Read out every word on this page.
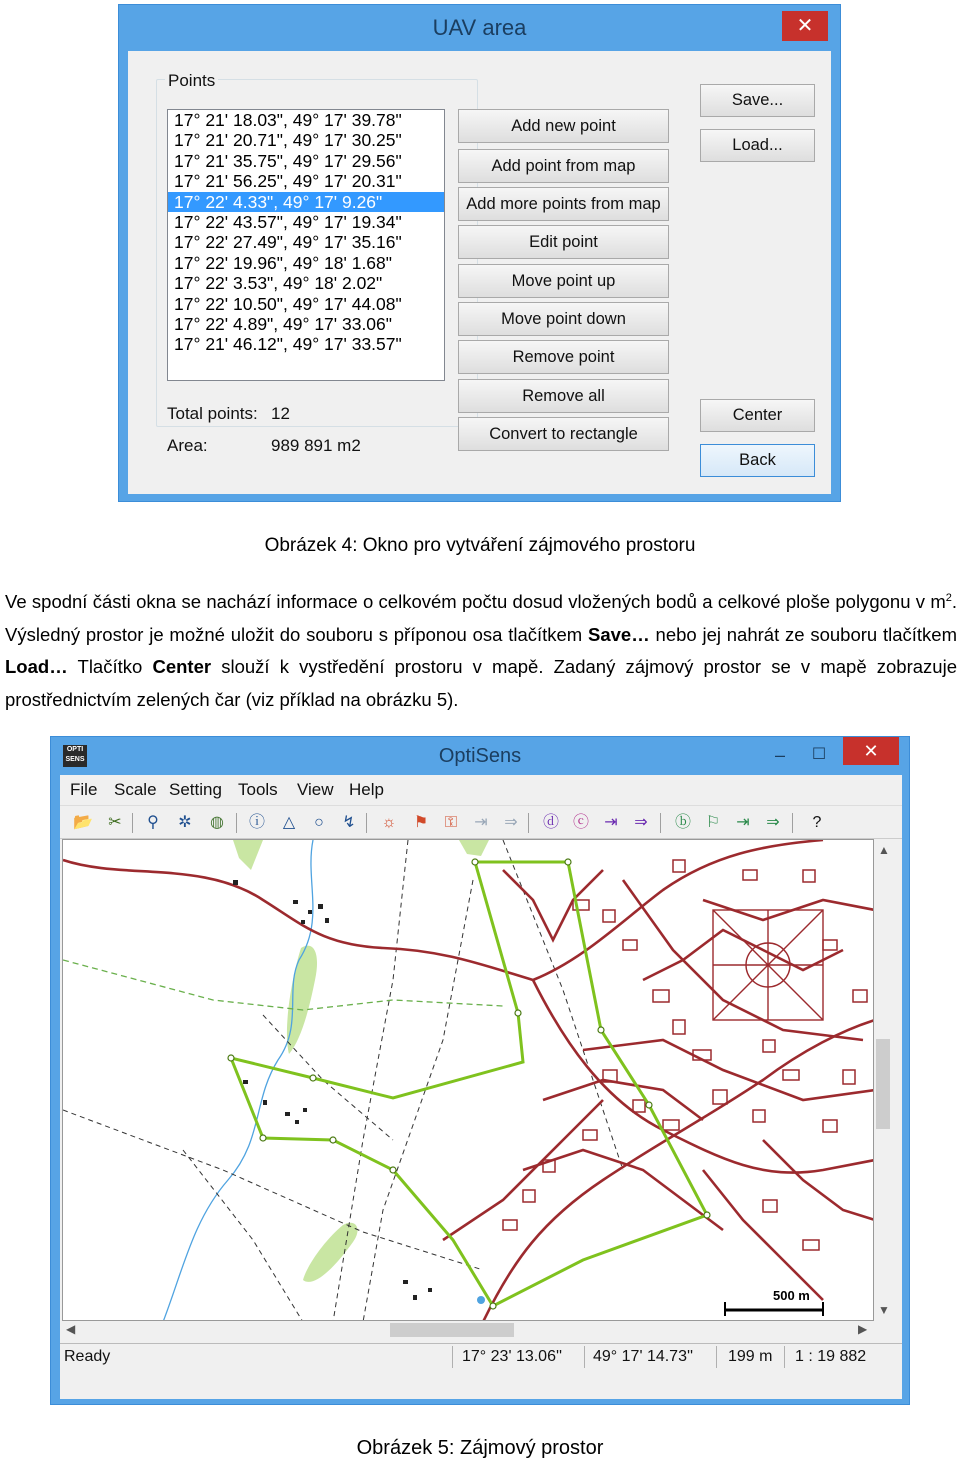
UAV area	✕
Points
17° 21' 18.03", 49° 17' 39.78"
17° 21' 20.71", 49° 17' 30.25"
17° 21' 35.75", 49° 17' 29.56"
17° 21' 56.25", 49° 17' 20.31"
17° 22' 4.33", 49° 17' 9.26"
17° 22' 43.57", 49° 17' 19.34"
17° 22' 27.49", 49° 17' 35.16"
17° 22' 19.96", 49° 18' 1.68"
17° 22' 3.53", 49° 18' 2.02"
17° 22' 10.50", 49° 17' 44.08"
17° 22' 4.89", 49° 17' 33.06"
17° 21' 46.12", 49° 17' 33.57"
Total points: 12
Area:	989 891 m2
Add new point
Add point from map
Add more points from map
Edit point
Move point up
Move point down
Remove point
Remove all
Convert to rectangle
Save...
Load...
Center
Back
Obrázek 4: Okno pro vytváření zájmového prostoru
Ve spodní části okna se nachází informace o celkovém počtu dosud vložených bodů a celkové ploše polygonu v $m^2$. Výsledný prostor je možné uložit do souboru s příponou osa tlačítkem Save… nebo jej nahrát ze souboru tlačítkem Load… Tlačítko Center slouží k vystředění prostoru v mapě. Zadaný zájmový prostor se v mapě zobrazuje prostřednictvím zelených čar (viz příklad na obrázku 5).
OPTI SENS	OptiSens	‒	☐	✕
File Scale Setting Tools View Help
📂 ✂	⚲	✲ ◍ ⓘ	△	○	↯ ☼ ⚑	⚿	⇥ ⇒ ⓓ ⓒ ⇥ ⇒ ⓑ ⚐ ⇥ ⇒	?
500 m
▲
▼
◀	▶
Ready	17° 23' 13.06'' 49° 17' 14.73'' 199 m 1 : 19 882
Obrázek 5: Zájmový prostor
